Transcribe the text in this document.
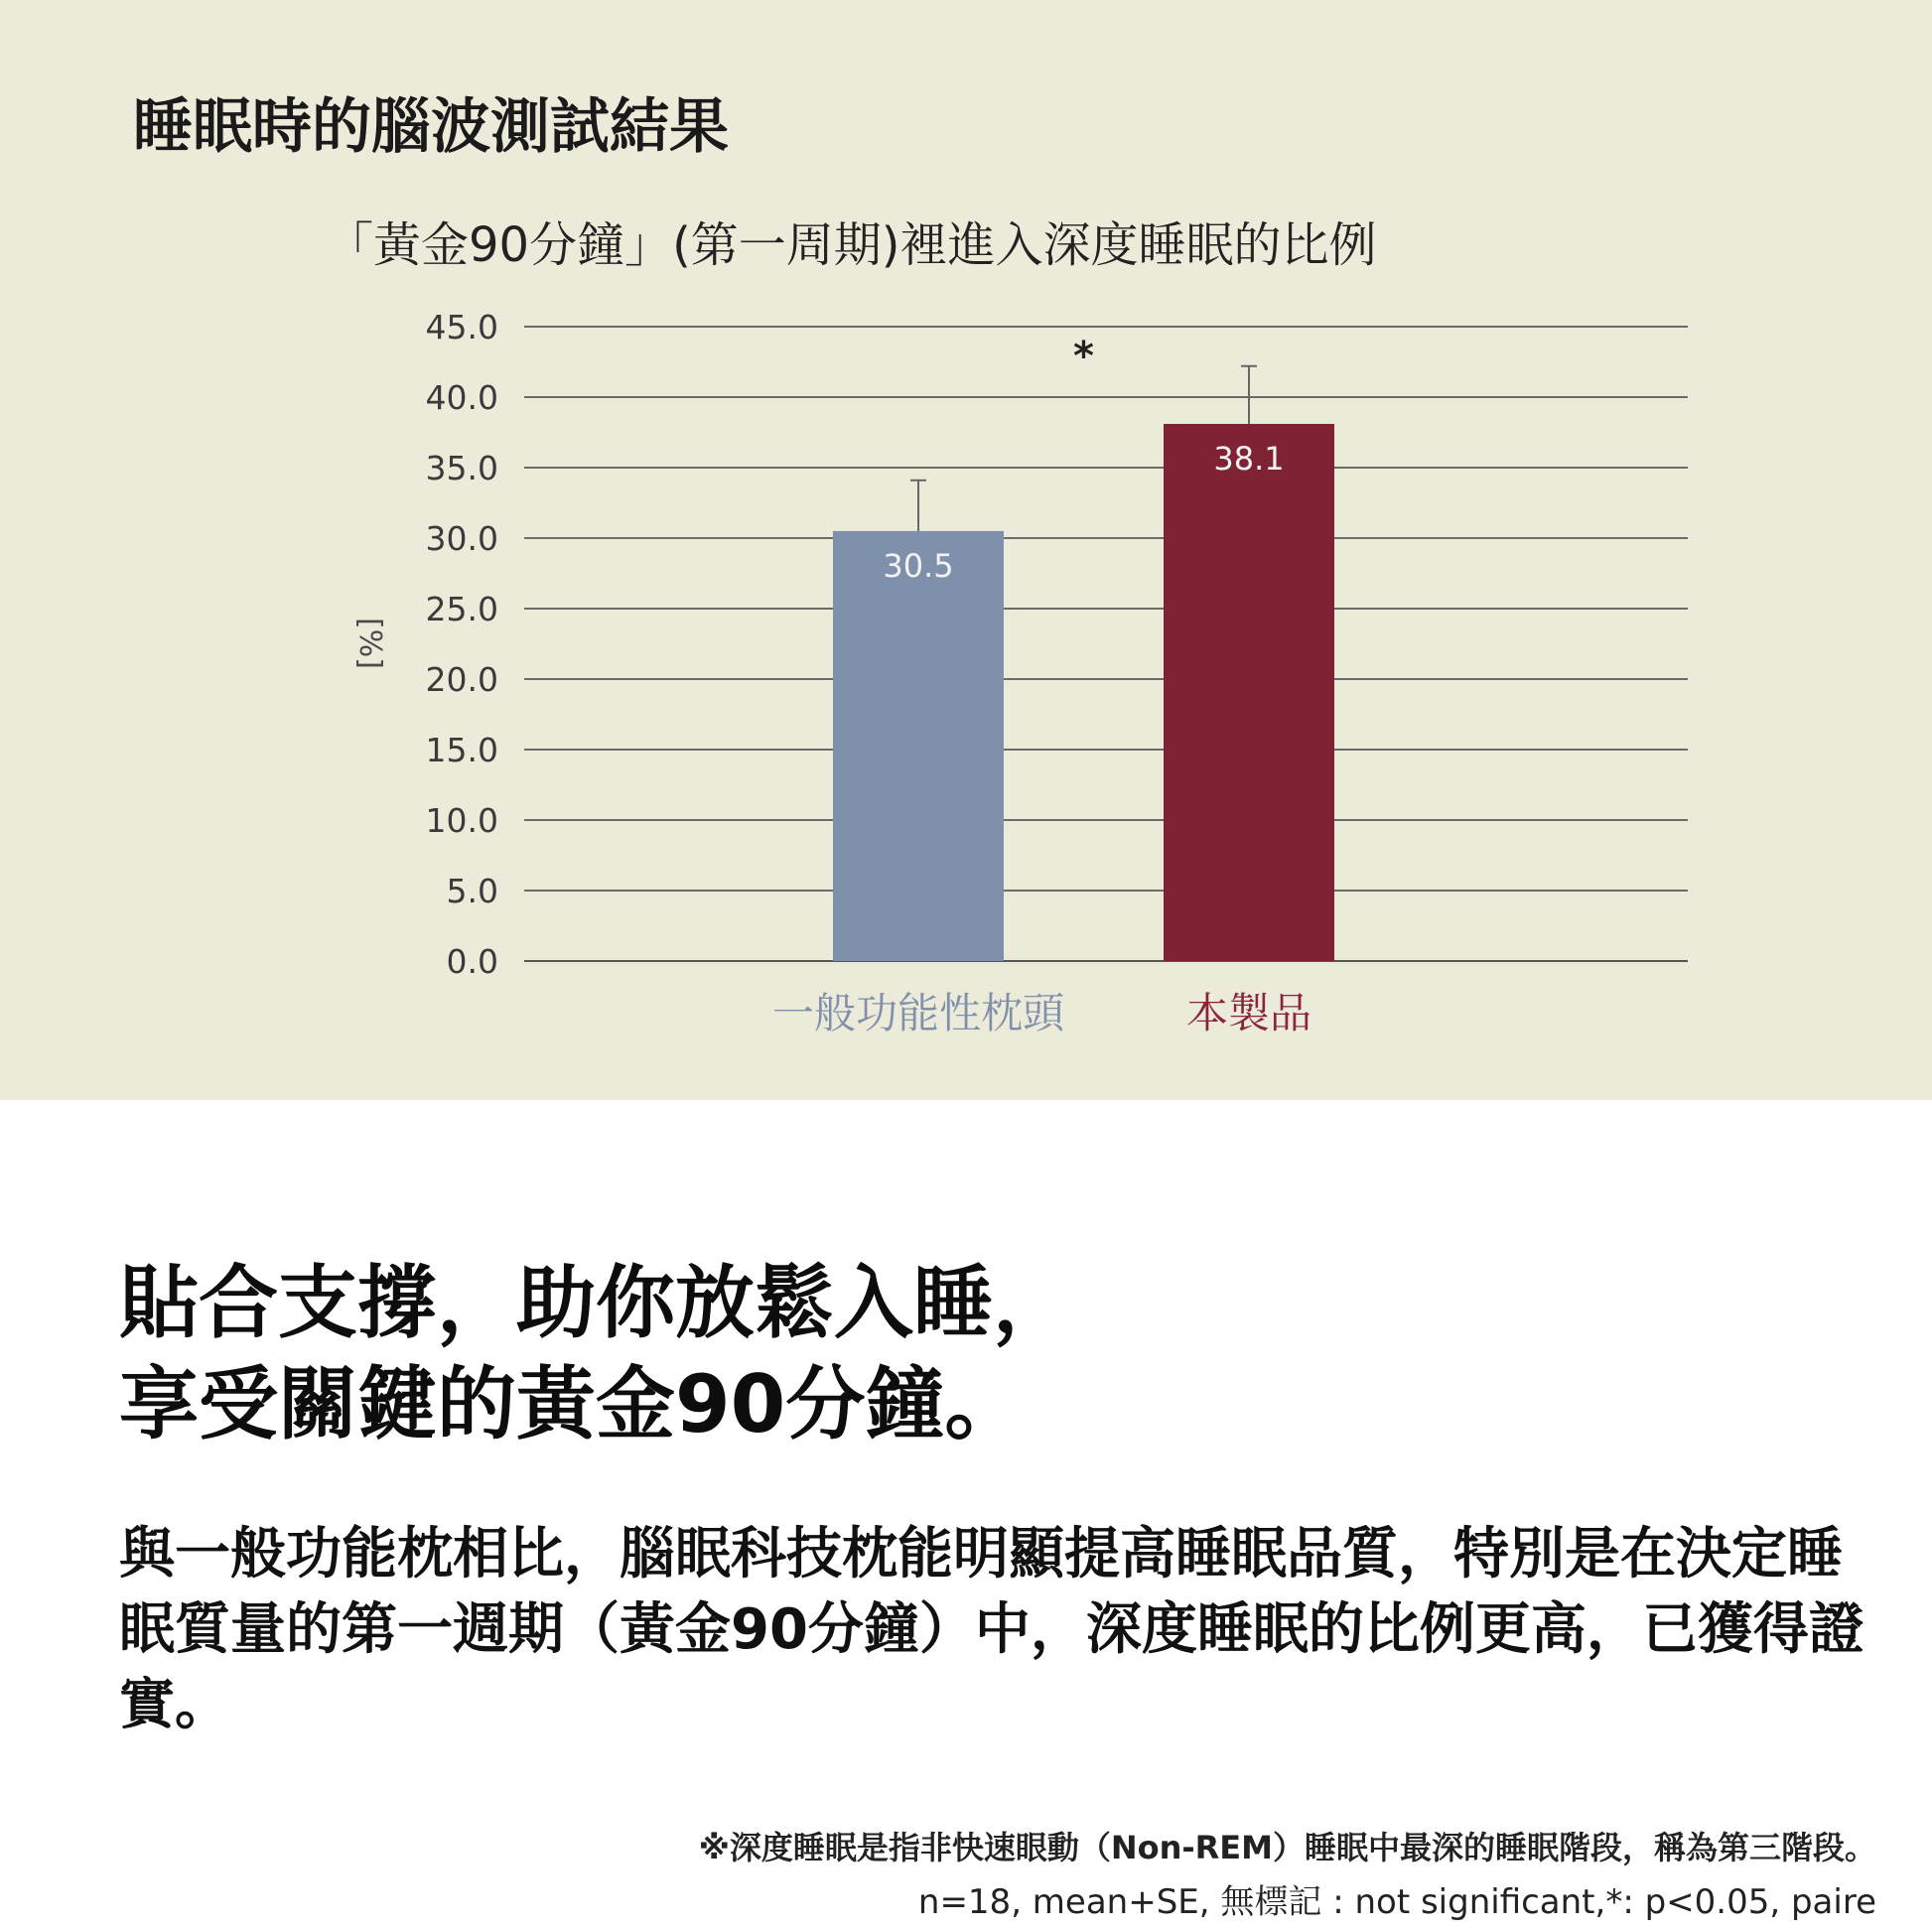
睡眠時的腦波測試結果
「黃金90分鐘」(第一周期)裡進入深度睡眠的比例
0.0
5.0
10.0
15.0
20.0
25.0
30.0
35.0
40.0
45.0
[%]
30.5
一般功能性枕頭
38.1
本製品
*
貼合支撐，助你放鬆入睡，
享受關鍵的黃金90分鐘。
與一般功能枕相比，腦眠科技枕能明顯提高睡眠品質，特別是在決定睡眠質量的第一週期（黃金90分鐘）中，深度睡眠的比例更高，已獲得證實。
※深度睡眠是指非快速眼動（Non-REM）睡眠中最深的睡眠階段，稱為第三階段。
n=18, mean+SE, 無標記 : not significant,*: p<0.05, paire
